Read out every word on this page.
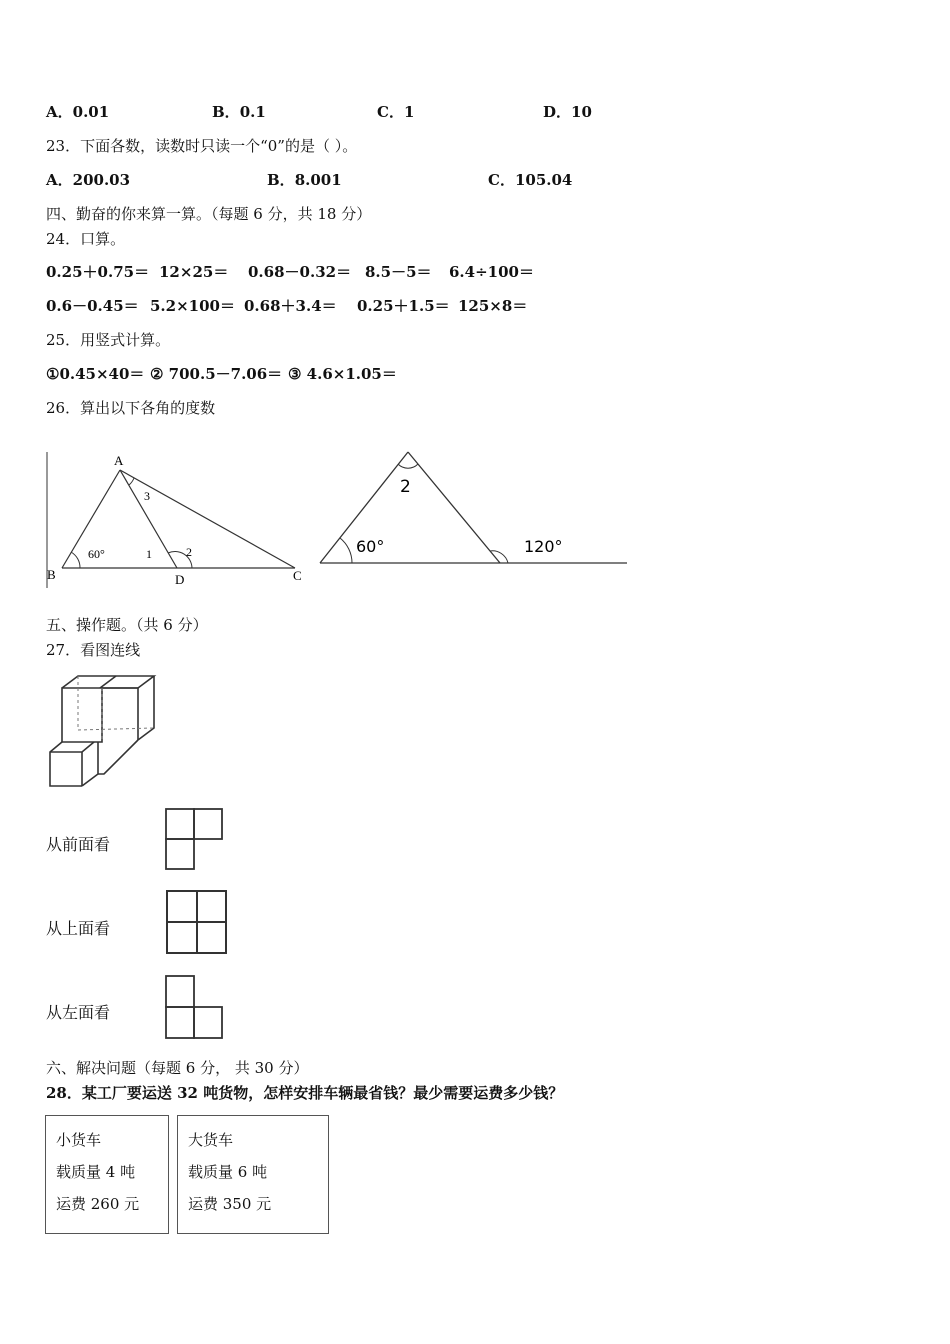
A．0.01	B．0.1	C．1	D．10
23．下面各数，读数时只读一个“0”的是（ ）。
A．200.03	B．8.001	C．105.04
四、勤奋的你来算一算。（每题 6 分，共 18 分）
24．口算。
0.25＋0.75＝ 12×25＝ 0.68－0.32＝ 8.5－5＝ 6.4÷100＝
0.6－0.45＝ 5.2×100＝ 0.68＋3.4＝ 0.25＋1.5＝ 125×8＝
25．用竖式计算。
①0.45×40＝ ② 700.5－7.06＝ ③ 4.6×1.05＝
26．算出以下各角的度数
A
B	C
D
60°	1	2
3	2
60°	120°
五、操作题。（共 6 分）
27．看图连线
从前面看
从上面看
从左面看
六、解决问题（每题 6 分， 共 30 分）
28．某工厂要运送 32 吨货物，怎样安排车辆最省钱？最少需要运费多少钱？
小货车
载质量 4 吨
运费 260 元
大货车
载质量 6 吨
运费 350 元
